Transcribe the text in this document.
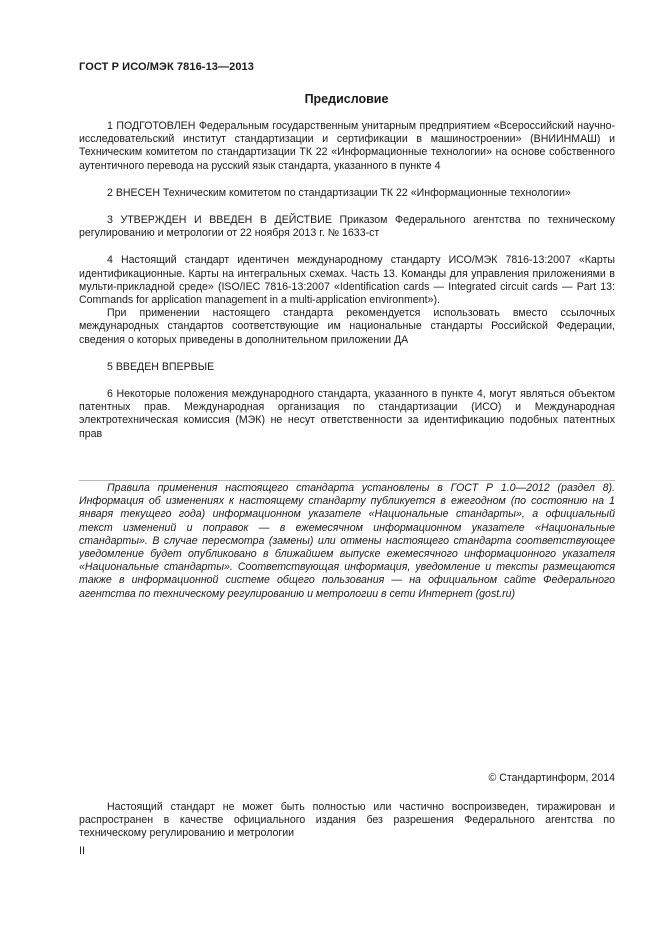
ГОСТ Р ИСО/МЭК 7816-13—2013
Предисловие

1 ПОДГОТОВЛЕН Федеральным государственным унитарным предприятием «Всероссийский научно-исследовательский институт стандартизации и сертификации в машиностроении» (ВНИИНМАШ) и Техническим комитетом по стандартизации ТК 22 «Информационные технологии» на основе собственного аутентичного перевода на русский язык стандарта, указанного в пункте 4

2 ВНЕСЕН Техническим комитетом по стандартизации ТК 22 «Информационные технологии»

3 УТВЕРЖДЕН И ВВЕДЕН В ДЕЙСТВИЕ Приказом Федерального агентства по техническому регулированию и метрологии от 22 ноября 2013 г. № 1633-ст

4 Настоящий стандарт идентичен международному стандарту ИСО/МЭК 7816-13:2007 «Карты идентификационные. Карты на интегральных схемах. Часть 13. Команды для управления приложениями в мульти-прикладной среде» (ISO/IEC 7816-13:2007 «Identification cards — Integrated circuit cards — Part 13: Commands for application management in a multi-application environment»).

При применении настоящего стандарта рекомендуется использовать вместо ссылочных международных стандартов соответствующие им национальные стандарты Российской Федерации, сведения о которых приведены в дополнительном приложении ДА

5 ВВЕДЕН ВПЕРВЫЕ

6 Некоторые положения международного стандарта, указанного в пункте 4, могут являться объектом патентных прав. Международная организация по стандартизации (ИСО) и Международная электротехническая комиссия (МЭК) не несут ответственности за идентификацию подобных патентных прав

Правила применения настоящего стандарта установлены в ГОСТ Р 1.0—2012 (раздел 8). Информация об изменениях к настоящему стандарту публикуется в ежегодном (по состоянию на 1 января текущего года) информационном указателе «Национальные стандарты», а официальный текст изменений и поправок — в ежемесячном информационном указателе «Национальные стандарты». В случае пересмотра (замены) или отмены настоящего стандарта соответствующее уведомление будет опубликовано в ближайшем выпуске ежемесячного информационного указателя «Национальные стандарты». Соответствующая информация, уведомление и тексты размещаются также в информационной системе общего пользования — на официальном сайте Федерального агентства по техническому регулированию и метрологии в сети Интернет (gost.ru)

© Стандартинформ, 2014

Настоящий стандарт не может быть полностью или частично воспроизведен, тиражирован и распространен в качестве официального издания без разрешения Федерального агентства по техническому регулированию и метрологии

II
